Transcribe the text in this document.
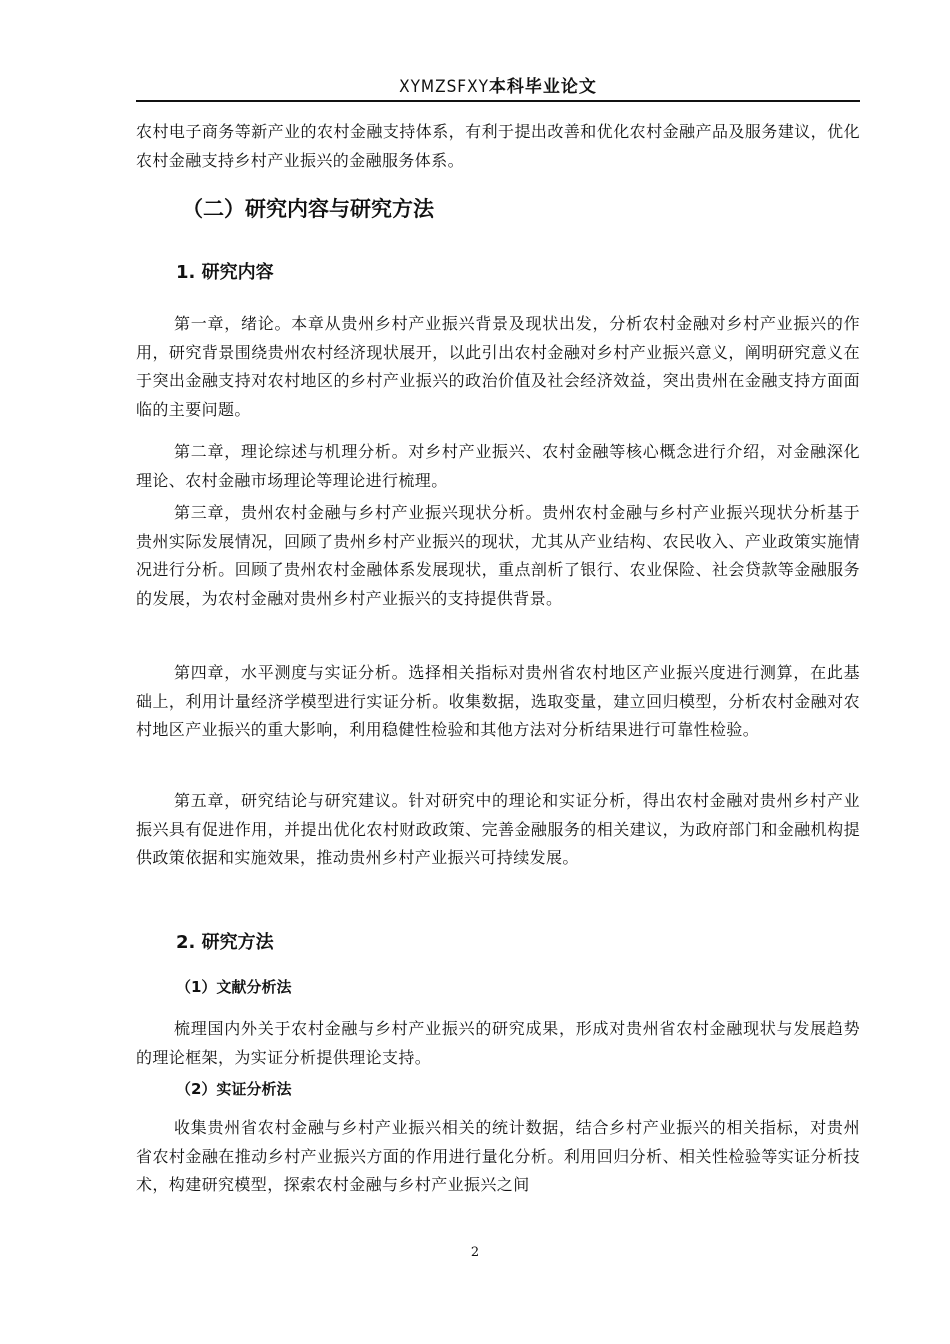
XYMZSFXY本科毕业论文
农村电子商务等新产业的农村金融支持体系，有利于提出改善和优化农村金融产品及服务建议，优化农村金融支持乡村产业振兴的金融服务体系。
（二）研究内容与研究方法
1. 研究内容
第一章，绪论。本章从贵州乡村产业振兴背景及现状出发，分析农村金融对乡村产业振兴的作用，研究背景围绕贵州农村经济现状展开，以此引出农村金融对乡村产业振兴意义，阐明研究意义在于突出金融支持对农村地区的乡村产业振兴的政治价值及社会经济效益，突出贵州在金融支持方面面临的主要问题。
第二章，理论综述与机理分析。对乡村产业振兴、农村金融等核心概念进行介绍，对金融深化理论、农村金融市场理论等理论进行梳理。
第三章，贵州农村金融与乡村产业振兴现状分析。贵州农村金融与乡村产业振兴现状分析基于贵州实际发展情况，回顾了贵州乡村产业振兴的现状，尤其从产业结构、农民收入、产业政策实施情况进行分析。回顾了贵州农村金融体系发展现状，重点剖析了银行、农业保险、社会贷款等金融服务的发展，为农村金融对贵州乡村产业振兴的支持提供背景。
第四章，水平测度与实证分析。选择相关指标对贵州省农村地区产业振兴度进行测算，在此基础上，利用计量经济学模型进行实证分析。收集数据，选取变量，建立回归模型，分析农村金融对农村地区产业振兴的重大影响，利用稳健性检验和其他方法对分析结果进行可靠性检验。
第五章，研究结论与研究建议。针对研究中的理论和实证分析，得出农村金融对贵州乡村产业振兴具有促进作用，并提出优化农村财政政策、完善金融服务的相关建议，为政府部门和金融机构提供政策依据和实施效果，推动贵州乡村产业振兴可持续发展。
2. 研究方法
（1）文献分析法
梳理国内外关于农村金融与乡村产业振兴的研究成果，形成对贵州省农村金融现状与发展趋势的理论框架，为实证分析提供理论支持。
（2）实证分析法
收集贵州省农村金融与乡村产业振兴相关的统计数据，结合乡村产业振兴的相关指标，对贵州省农村金融在推动乡村产业振兴方面的作用进行量化分析。利用回归分析、相关性检验等实证分析技术，构建研究模型，探索农村金融与乡村产业振兴之间
2
